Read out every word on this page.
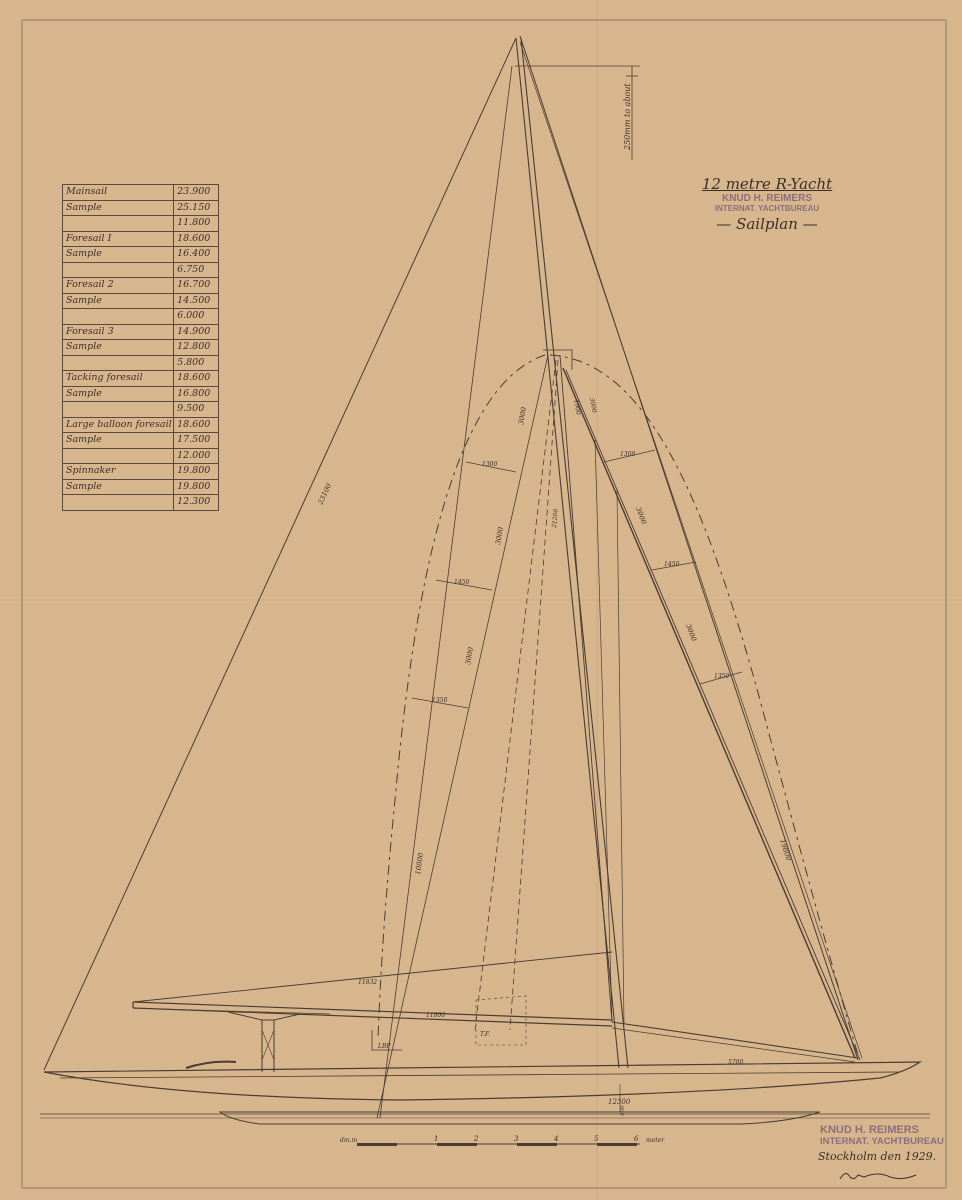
250mm to about
dm.m	meter
1	2	3	4	5	6
3000
3000
3000
1300
1450
1350
3000
3000
1300
1450
1350
3000
1900
21200
23100
19800
10800
11832
11800
5700
12300
400
LBP
T.F.
Mainsail	23.900
Sample	25.150
	11.800
Foresail I	18.600
Sample	16.400
	6.750
Foresail 2	16.700
Sample	14.500
	6.000
Foresail 3	14.900
Sample	12.800
	5.800
Tacking foresail	18.600
Sample	16.800
	9.500
Large balloon foresail	18.600
Sample	17.500
	12.000
Spinnaker	19.800
Sample	19.800
	12.300
12 metre R-Yacht
KNUD H. REIMERS
INTERNAT. YACHTBUREAU
— Sailplan —
KNUD H. REIMERS
INTERNAT. YACHTBUREAU
Stockholm den 1929.
